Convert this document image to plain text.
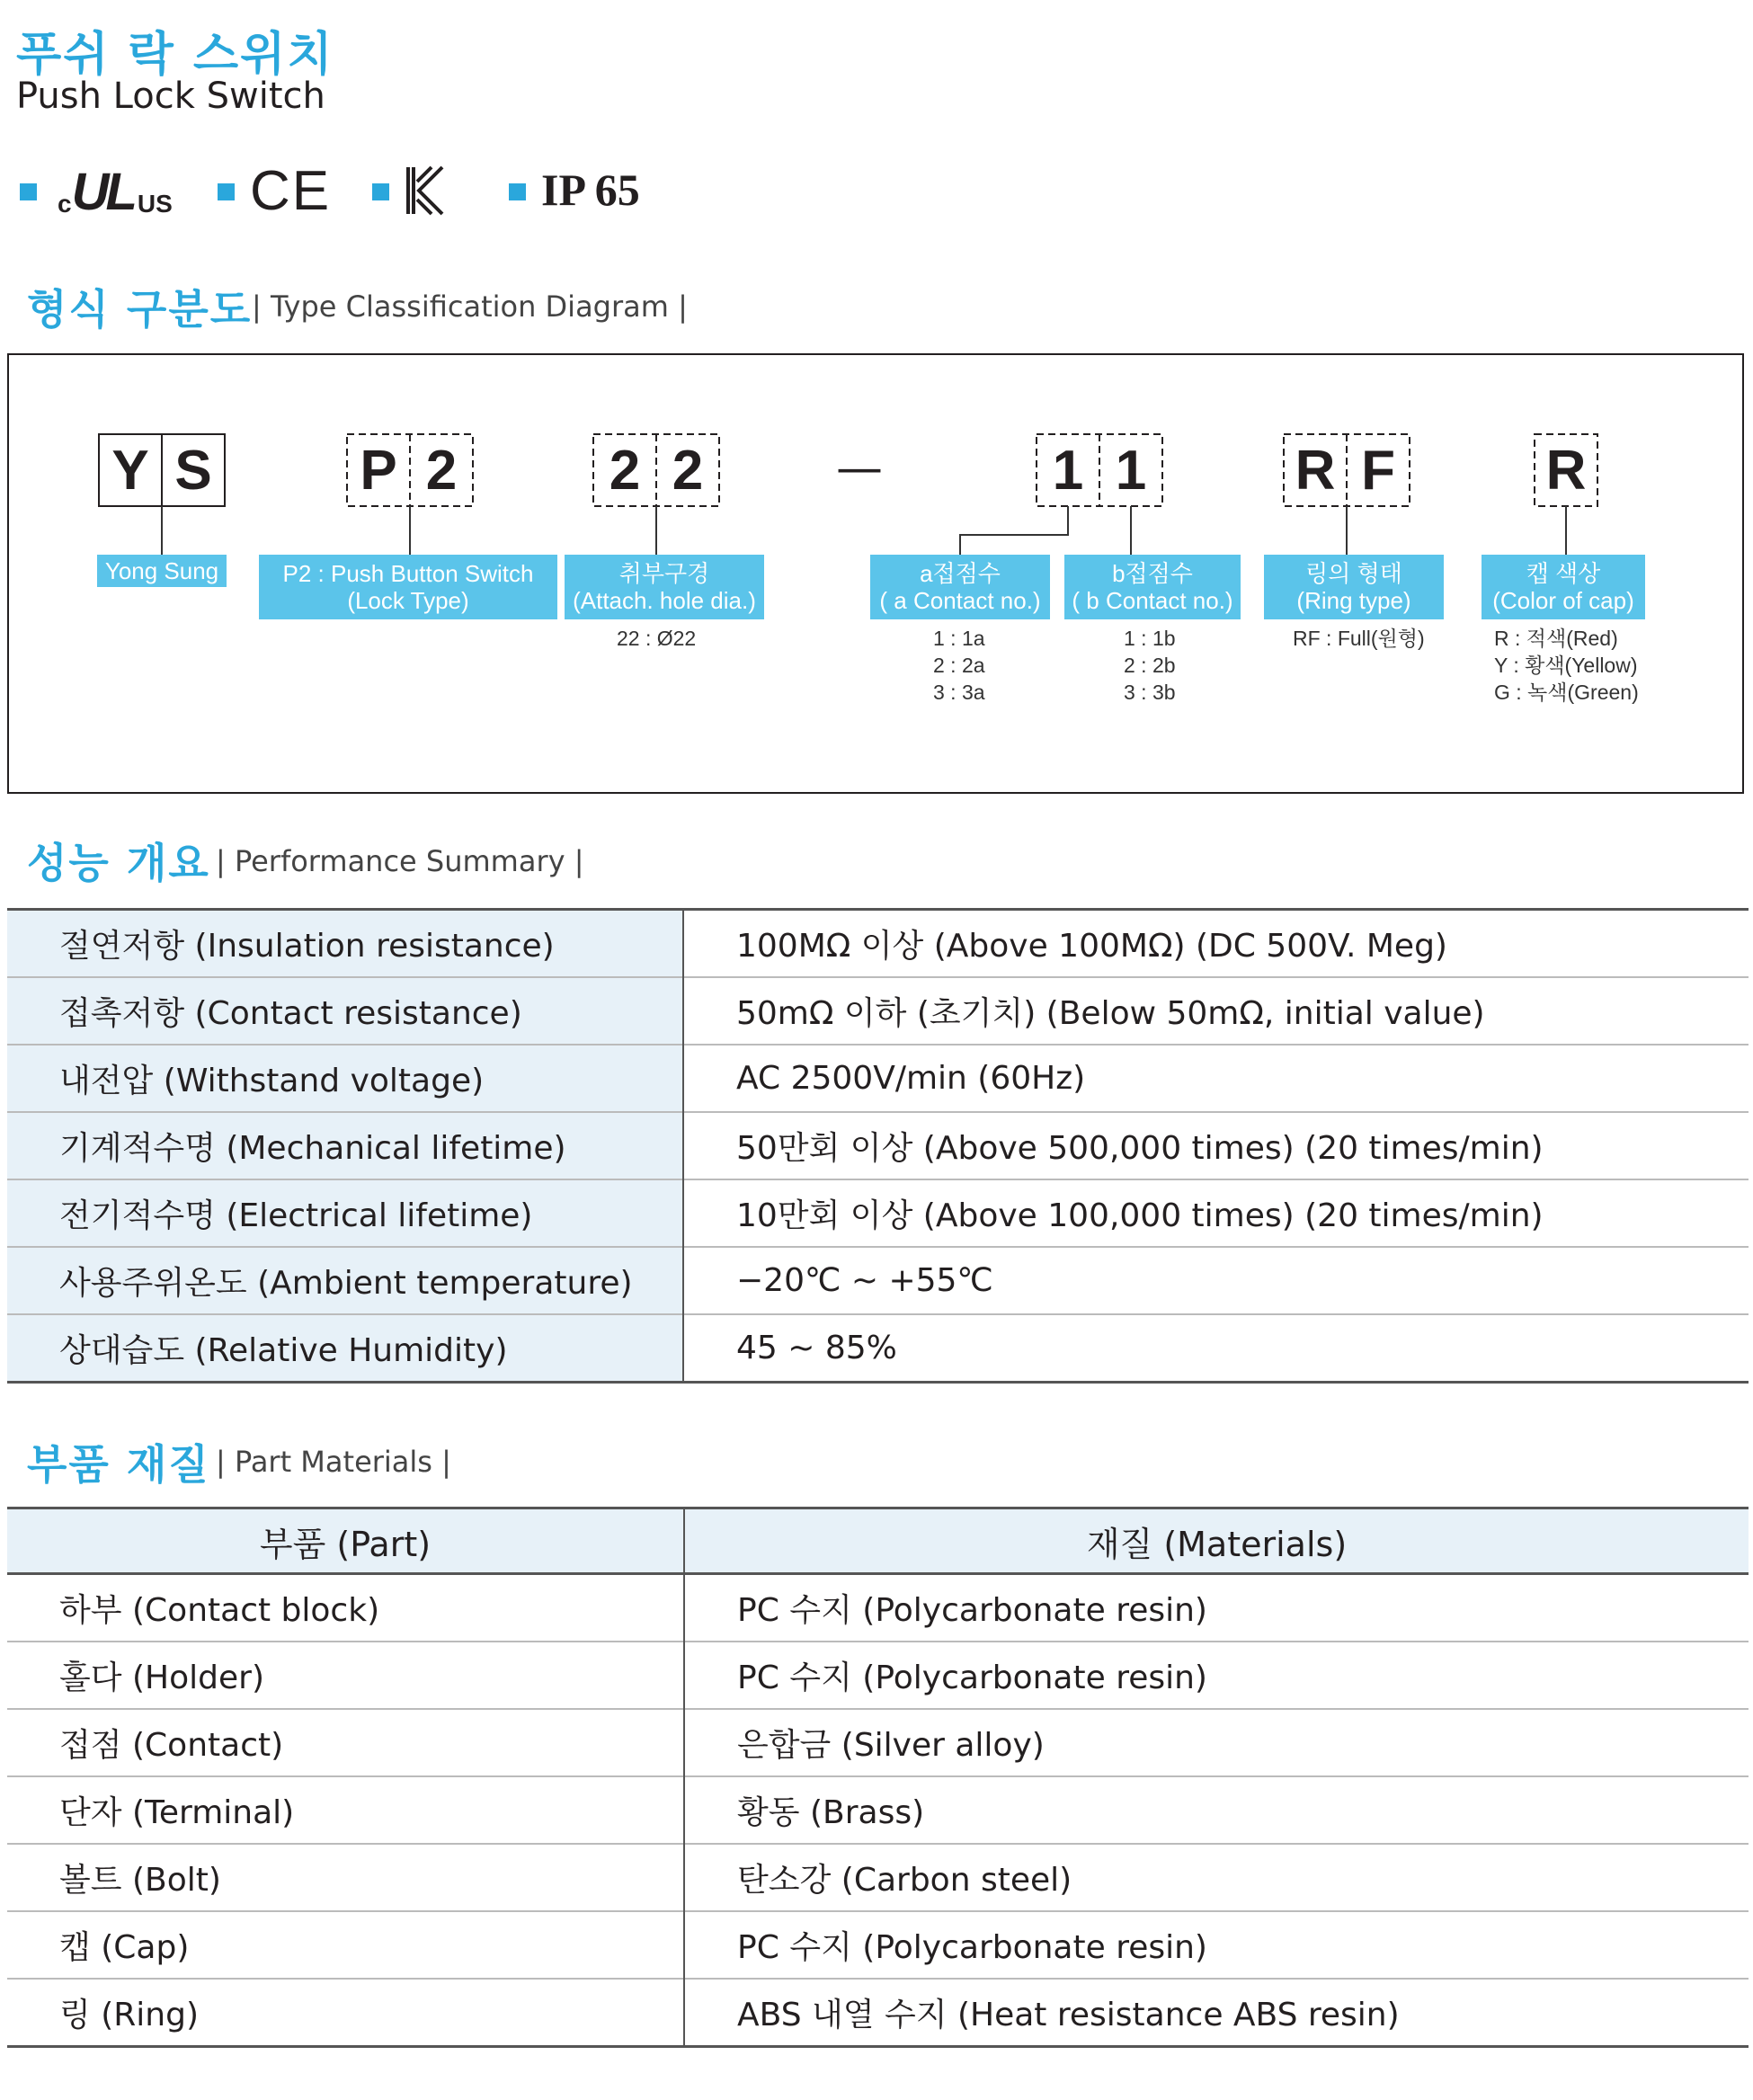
푸쉬 락 스위치
Push Lock Switch
c UL US CE	IP 65
형식 구분도 | Type Classification Diagram |
Y S	P 2	2 2	—	1 1	R F	R
Yong Sung	P2 : Push Button Switch
(Lock Type)
취부구경
(Attach. hole dia.)
a접점수
( a Contact no.)
b접점수
( b Contact no.)
링의 형태
(Ring type)
캡 색상
(Color of cap)
22 : Ø22	1 : 1a
2 : 2a
3 : 3a
1 : 1b
2 : 2b
3 : 3b
RF : Full(원형)	R : 적색(Red)
Y : 황색(Yellow)
G : 녹색(Green)
성능 개요 | Performance Summary |
절연저항 (Insulation resistance)	100MΩ 이상 (Above 100MΩ) (DC 500V. Meg)
접촉저항 (Contact resistance)	50mΩ 이하 (초기치) (Below 50mΩ, initial value)
내전압 (Withstand voltage)	AC 2500V/min (60Hz)
기계적수명 (Mechanical lifetime)	50만회 이상 (Above 500,000 times) (20 times/min)
전기적수명 (Electrical lifetime)	10만회 이상 (Above 100,000 times) (20 times/min)
사용주위온도 (Ambient temperature)	−20℃ ~ +55℃
상대습도 (Relative Humidity)	45 ~ 85%
부품 재질 | Part Materials |
부품 (Part)	재질 (Materials)
하부 (Contact block)	PC 수지 (Polycarbonate resin)
홀다 (Holder)	PC 수지 (Polycarbonate resin)
접점 (Contact)	은합금 (Silver alloy)
단자 (Terminal)	황동 (Brass)
볼트 (Bolt)	탄소강 (Carbon steel)
캡 (Cap)	PC 수지 (Polycarbonate resin)
링 (Ring)	ABS 내열 수지 (Heat resistance ABS resin)
